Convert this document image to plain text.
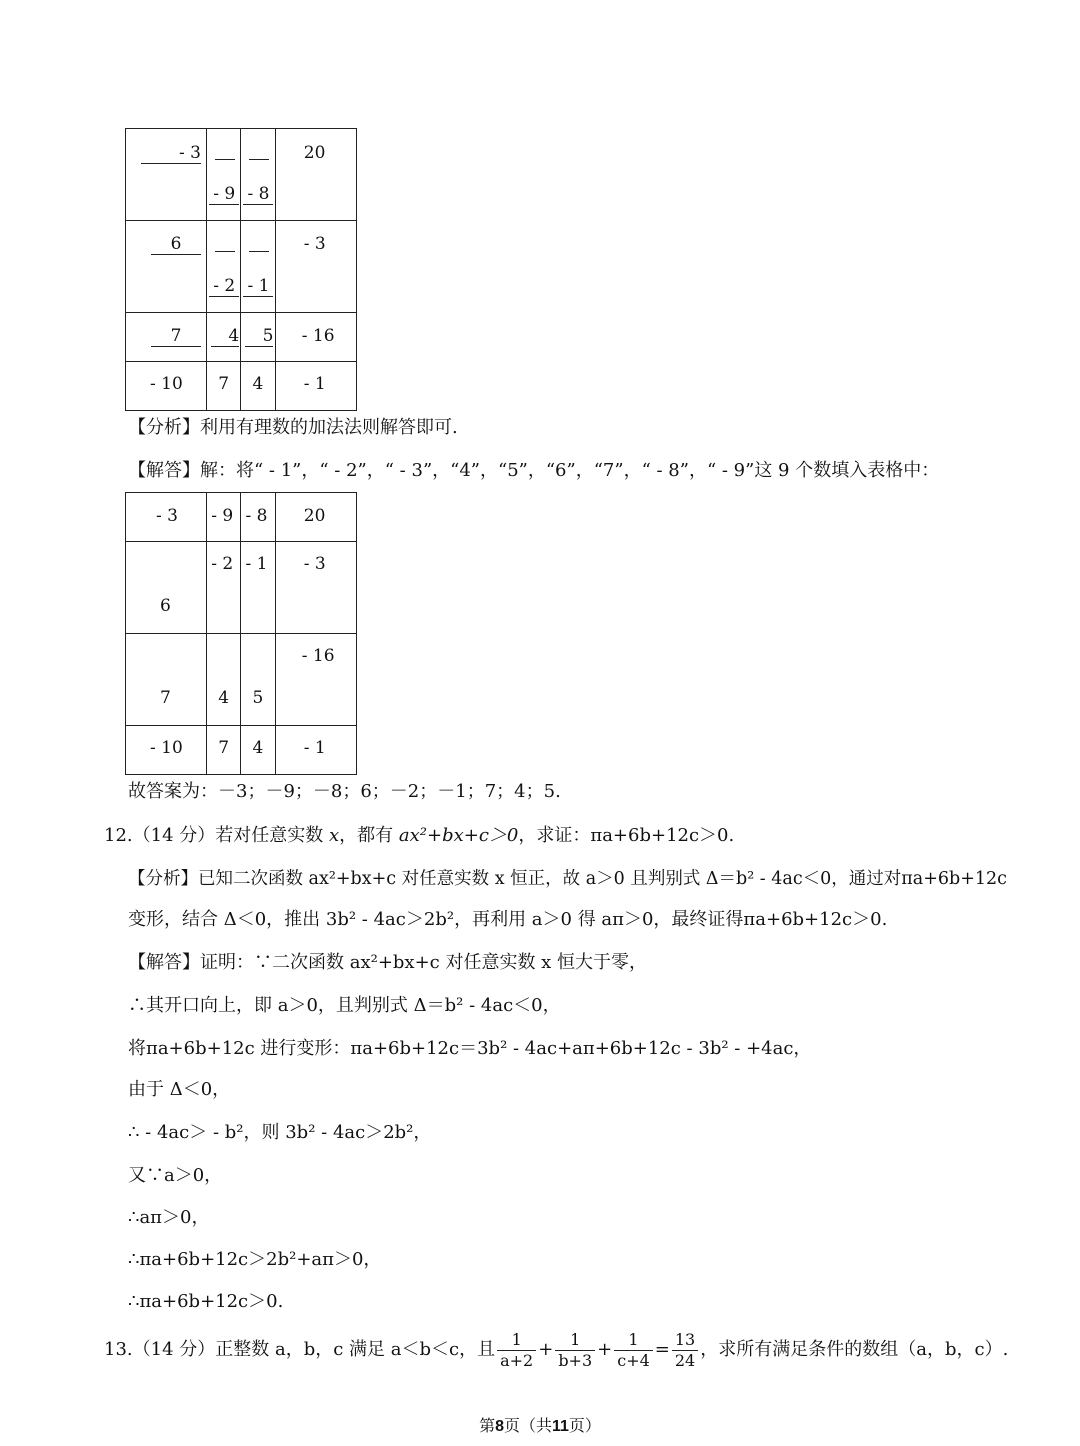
- 3	- 9	- 8	20

6	- 2	- 1	- 3

7	4	5	- 16

- 10	7	4	- 1
【分析】利用有理数的加法法则解答即可.
【解答】解：将“ - 1”，“ - 2”，“ - 3”，“4”，“5”，“6”，“7”，“ - 8”，“ - 9”这 9 个数填入表格中：
- 3	- 9	- 8	20

6	- 2	- 1	- 3

7	4	5	- 16

- 10	7	4	- 1
故答案为：－3；－9；－8；6；－2；－1；7；4；5.
12.（14 分）若对任意实数 x，都有 ax²+bx+c＞0，求证：πa+6b+12c＞0.
【分析】已知二次函数 ax²+bx+c 对任意实数 x 恒正，故 a＞0 且判别式 Δ＝b² - 4ac＜0，通过对πa+6b+12c
变形，结合 Δ＜0，推出 3b² - 4ac＞2b²，再利用 a＞0 得 aπ＞0，最终证得πa+6b+12c＞0.
【解答】证明：∵二次函数 ax²+bx+c 对任意实数 x 恒大于零，
∴其开口向上，即 a＞0，且判别式 Δ＝b² - 4ac＜0，
将πa+6b+12c 进行变形：πa+6b+12c＝3b² - 4ac+aπ+6b+12c - 3b² - +4ac，
由于 Δ＜0，
∴ - 4ac＞ - b²，则 3b² - 4ac＞2b²，
又∵a＞0，
∴aπ＞0，
∴πa+6b+12c＞2b²+aπ＞0，
∴πa+6b+12c＞0.
13.（14 分）正整数 a，b，c 满足 a＜b＜c，且 $\frac{1}{a+2} + \frac{1}{b+3} + \frac{1}{c+4} = \frac{13}{24}$ ，求所有满足条件的数组（a，b，c）.
第8页（共11页）
